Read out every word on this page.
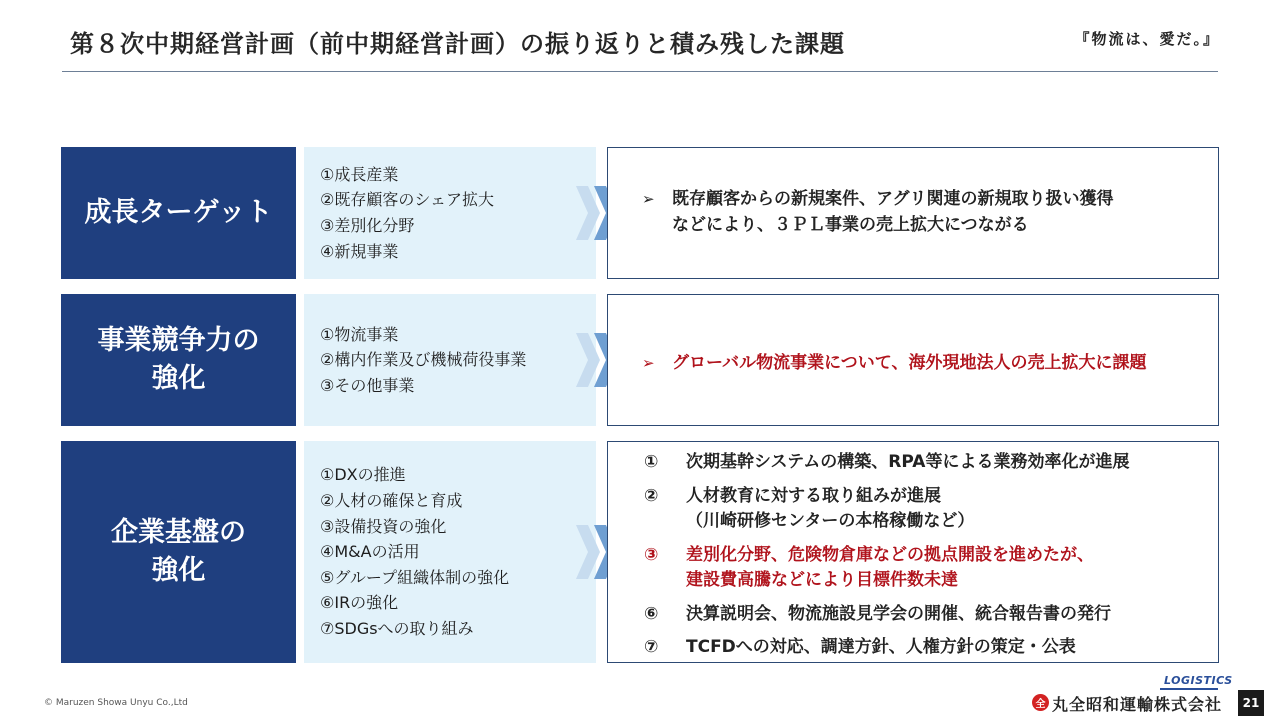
第８次中期経営計画（前中期経営計画）の振り返りと積み残した課題	『物流は、愛だ。』
成長ターゲット
①成長産業
②既存顧客のシェア拡大
③差別化分野
④新規事業
➢ 既存顧客からの新規案件、アグリ関連の新規取り扱い獲得
などにより、３ＰＬ事業の売上拡大につながる
事業競争力の
強化
①物流事業
②構内作業及び機械荷役事業
③その他事業
➢ グローバル物流事業について、海外現地法人の売上拡大に課題
企業基盤の
強化
①DXの推進
②人材の確保と育成
③設備投資の強化
④M&Aの活用
⑤グループ組織体制の強化
⑥IRの強化
⑦SDGsへの取り組み
①	次期基幹システムの構築、RPA等による業務効率化が進展
②	人材教育に対する取り組みが進展
（川崎研修センターの本格稼働など）
③	差別化分野、危険物倉庫などの拠点開設を進めたが、
建設費高騰などにより目標件数未達
⑥	決算説明会、物流施設見学会の開催、統合報告書の発行
⑦	TCFDへの対応、調達方針、人権方針の策定・公表
© Maruzen Showa Unyu Co.,Ltd
LOGISTICS
全 丸全昭和運輸株式会社	21
